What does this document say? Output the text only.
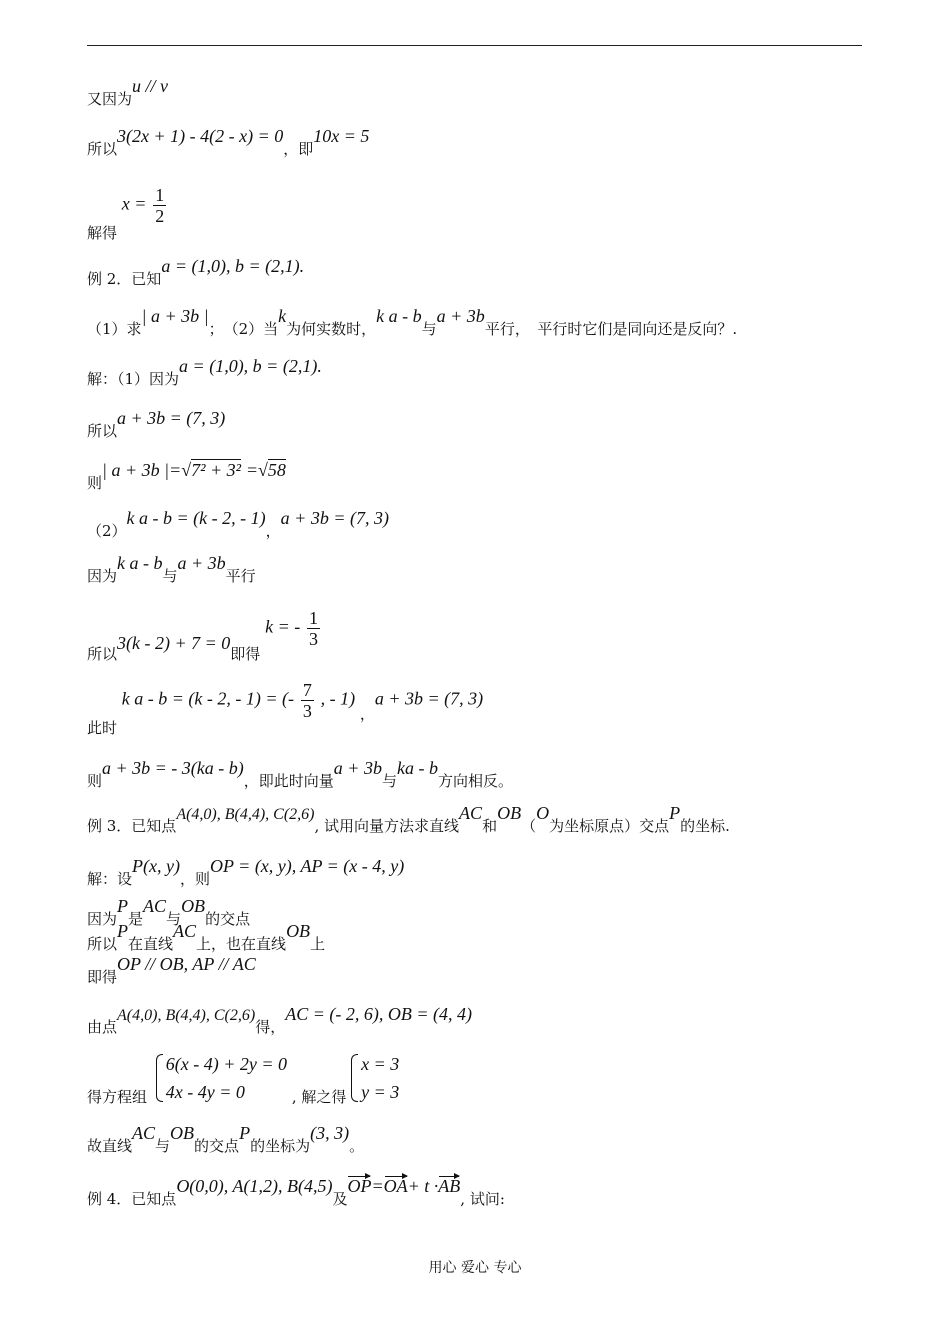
又因为u // v
所以3(2x + 1) - 4(2 - x) = 0，即10x = 5
解得 $x = \frac{1}{2}$
例 2．已知a = (1,0), b = (2,1).
（1）求| a + 3b |；　（2）当k为何实数时，k a - b与a + 3b平行，　平行时它们是同向还是反向？.
解：（1）因为a = (1,0), b = (2,1).
所以a + 3b = (7, 3)
则| a + 3b |=√7² + 3² =√58
（2）k a - b = (k - 2, - 1)，a + 3b = (7, 3)
因为k a - b与a + 3b平行
所以3(k - 2) + 7 = 0即得 k = - $\frac{1}{3}$
此时 k a - b = (k - 2, - 1) = (- $\frac{7}{3}$ , - 1) ，a + 3b = (7, 3)
则a + 3b = - 3(ka - b)，即此时向量a + 3b与ka - b方向相反。
例 3．已知点A(4,0), B(4,4), C(2,6), 试用向量方法求直线AC和OB（O为坐标原点）交点P的坐标.
解：设P(x, y)，则OP = (x, y), AP = (x - 4, y)
因为P是AC与OB的交点
所以P在直线AC上，也在直线OB上
即得OP // OB, AP // AC
由点A(4,0), B(4,4), C(2,6)得，AC = (- 2, 6), OB = (4, 4)
得方程组
6(x - 4) + 2y = 0
4x - 4y = 0	, 解之得
x = 3
y = 3
故直线AC与OB的交点P的坐标为(3, 3)。
例 4．已知点O(0,0), A(1,2), B(4,5)及OP=OA+ t ·AB, 试问:
用心 爱心 专心
